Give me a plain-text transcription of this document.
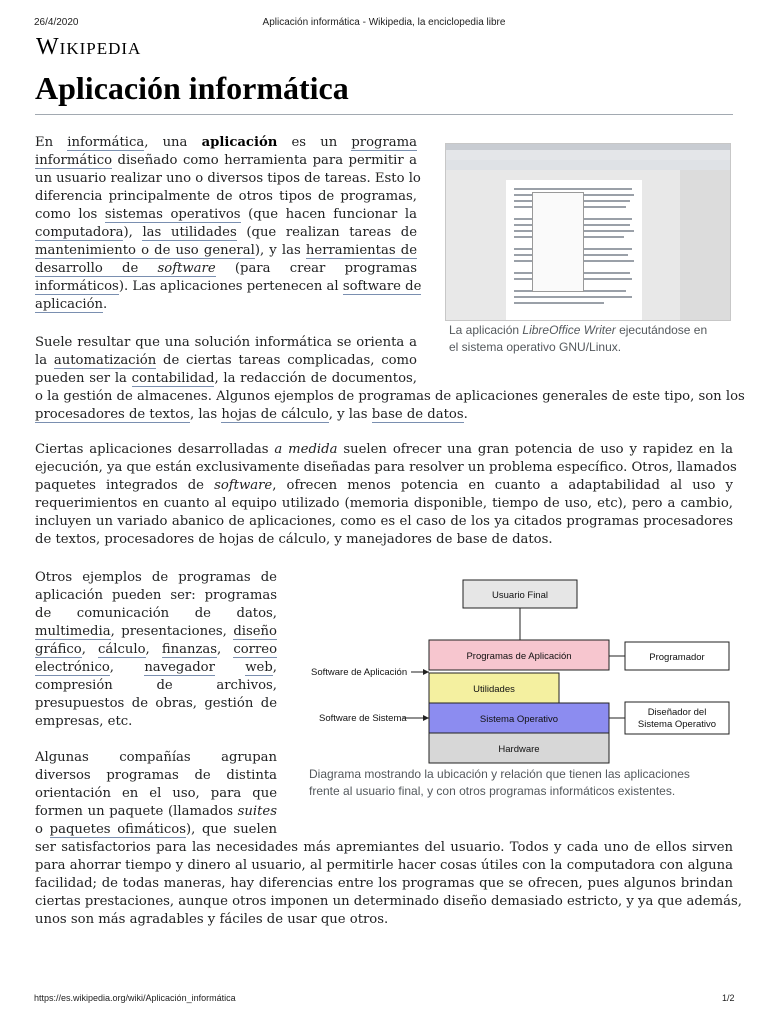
26/4/2020	Aplicación informática - Wikipedia, la enciclopedia libre
Wikipedia
Aplicación informática
En informática, una aplicación es un programa
informático diseñado como herramienta para permitir a
un usuario realizar uno o diversos tipos de tareas. Esto lo
diferencia principalmente de otros tipos de programas,
como los sistemas operativos (que hacen funcionar la
computadora), las utilidades (que realizan tareas de
mantenimiento o de uso general), y las herramientas de
desarrollo de software (para crear programas
informáticos). Las aplicaciones pertenecen al software de
aplicación.
La aplicación LibreOffice Writer ejecutándose en
el sistema operativo GNU/Linux.
Suele resultar que una solución informática se orienta a
la automatización de ciertas tareas complicadas, como
pueden ser la contabilidad, la redacción de documentos,
o la gestión de almacenes. Algunos ejemplos de programas de aplicaciones generales de este tipo, son los
procesadores de textos, las hojas de cálculo, y las base de datos.
Ciertas aplicaciones desarrolladas a medida suelen ofrecer una gran potencia de uso y rapidez en la
ejecución, ya que están exclusivamente diseñadas para resolver un problema específico. Otros, llamados
paquetes integrados de software, ofrecen menos potencia en cuanto a adaptabilidad al uso y
requerimientos en cuanto al equipo utilizado (memoria disponible, tiempo de uso, etc), pero a cambio,
incluyen un variado abanico de aplicaciones, como es el caso de los ya citados programas procesadores
de textos, procesadores de hojas de cálculo, y manejadores de base de datos.
Otros ejemplos de programas de
aplicación pueden ser: programas
de comunicación de datos,
multimedia, presentaciones, diseño
gráfico, cálculo, finanzas, correo
electrónico, navegador web,
compresión de archivos,
presupuestos de obras, gestión de
empresas, etc.
Algunas compañías agrupan
diversos programas de distinta
orientación en el uso, para que
formen un paquete (llamados suites
o paquetes ofimáticos), que suelen
ser satisfactorios para las necesidades más apremiantes del usuario. Todos y cada uno de ellos sirven
para ahorrar tiempo y dinero al usuario, al permitirle hacer cosas útiles con la computadora con alguna
facilidad; de todas maneras, hay diferencias entre los programas que se ofrecen, pues algunos brindan
ciertas prestaciones, aunque otros imponen un determinado diseño demasiado estricto, y ya que además,
unos son más agradables y fáciles de usar que otros.
Usuario Final
Programas de Aplicación
Utilidades
Sistema Operativo
Hardware
Programador
Diseñador del
Sistema Operativo
Software de Aplicación
Software de Sistema
Diagrama mostrando la ubicación y relación que tienen las aplicaciones
frente al usuario final, y con otros programas informáticos existentes.
https://es.wikipedia.org/wiki/Aplicación_informática	1/2
